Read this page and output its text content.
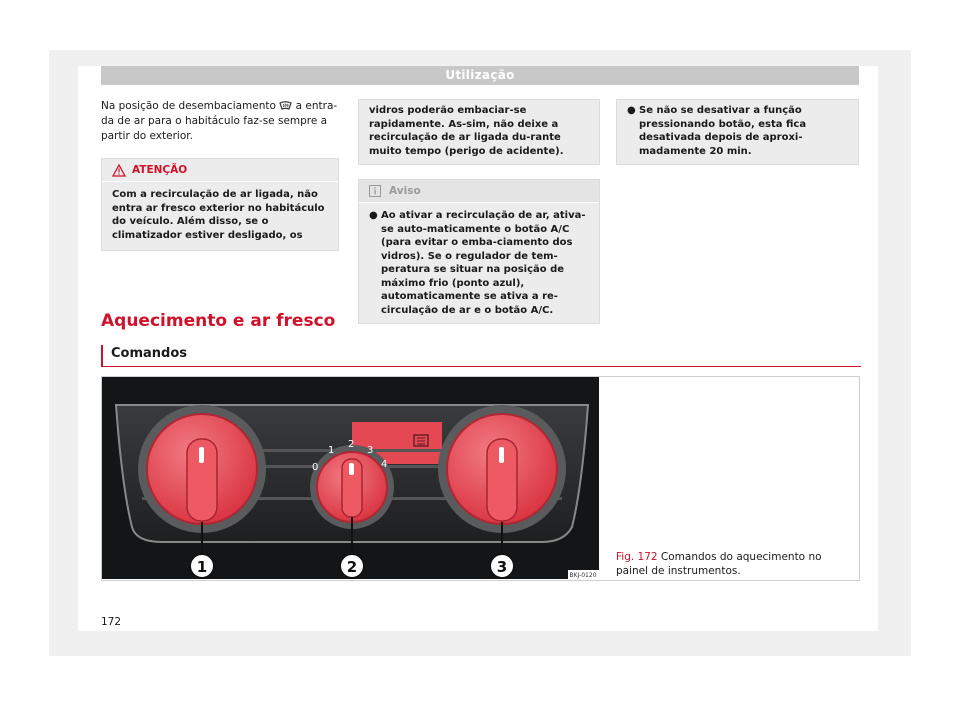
Utilização
Na posição de desembaciamento a entra-da de ar para o habitáculo faz-se sempre a partir do exterior.
ATENÇÃO
Com a recirculação de ar ligada, não entra ar fresco exterior no habitáculo do veículo. Além disso, se o climatizador estiver desligado, os
vidros poderão embaciar-se rapidamente. As-sim, não deixe a recirculação de ar ligada du-rante muito tempo (perigo de acidente).
Aviso
● Ao ativar a recirculação de ar, ativa-se auto-maticamente o botão A/C (para evitar o emba-ciamento dos vidros). Se o regulador de tem-peratura se situar na posição de máximo frio (ponto azul), automaticamente se ativa a re-circulação de ar e o botão A/C.
● Se não se desativar a função pressionando botão, esta fica desativada depois de aproxi-madamente 20 min.
Aquecimento e ar fresco
Comandos
0
1
2
3
4
1	2	3	BKJ-0120
Fig. 172 Comandos do aquecimento no painel de instrumentos.
172
